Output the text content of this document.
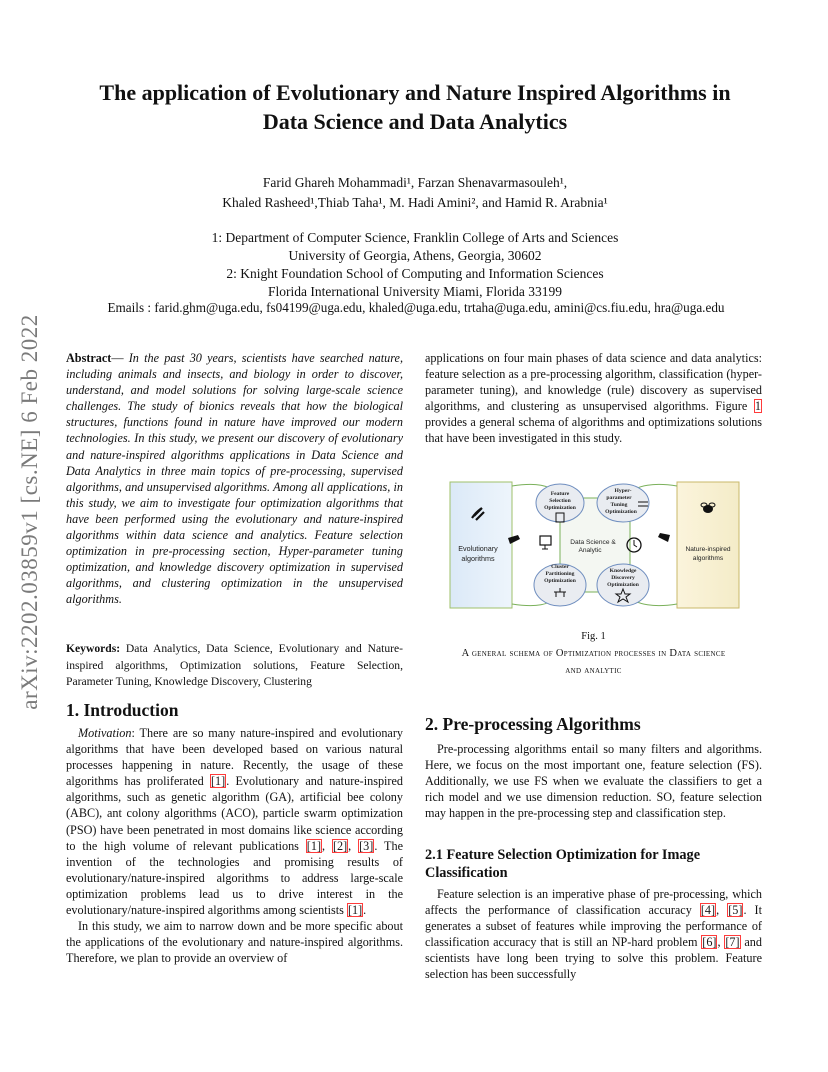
arXiv:2202.03859v1 [cs.NE] 6 Feb 2022
The application of Evolutionary and Nature Inspired Algorithms in
Data Science and Data Analytics
Farid Ghareh Mohammadi¹, Farzan Shenavarmasouleh¹,
Khaled Rasheed¹,Thiab Taha¹, M. Hadi Amini², and Hamid R. Arabnia¹
1: Department of Computer Science, Franklin College of Arts and Sciences
University of Georgia, Athens, Georgia, 30602
2: Knight Foundation School of Computing and Information Sciences
Florida International University Miami, Florida 33199
Emails : farid.ghm@uga.edu, fs04199@uga.edu, khaled@uga.edu, trtaha@uga.edu, amini@cs.fiu.edu, hra@uga.edu

Abstract— In the past 30 years, scientists have searched nature, including animals and insects, and biology in order to discover, understand, and model solutions for solving large-scale science challenges. The study of bionics reveals that how the biological structures, functions found in nature have improved our modern technologies. In this study, we present our discovery of evolutionary and nature-inspired algorithms applications in Data Science and Data Analytics in three main topics of pre-processing, supervised algorithms, and unsupervised algorithms. Among all applications, in this study, we aim to investigate four optimization algorithms that have been performed using the evolutionary and nature-inspired algorithms within data science and analytics. Feature selection optimization in pre-processing section, Hyper-parameter tuning optimization, and knowledge discovery optimization in supervised algorithms, and clustering optimization in the unsupervised algorithms.

Keywords: Data Analytics, Data Science, Evolutionary and Nature-inspired algorithms, Optimization solutions, Feature Selection, Parameter Tuning, Knowledge Discovery, Clustering

1. Introduction

Motivation: There are so many nature-inspired and evolutionary algorithms that have been developed based on various natural processes happening in nature. Recently, the usage of these algorithms has proliferated [1]. Evolutionary and nature-inspired algorithms, such as genetic algorithm (GA), artificial bee colony (ABC), ant colony algorithms (ACO), particle swarm optimization (PSO) have been penetrated in most domains like science according to the high volume of relevant publications [1], [2], [3]. The invention of the technologies and promising results of evolutionary/nature-inspired algorithms to address large-scale optimization problems lead us to drive interest in the evolutionary/nature-inspired algorithms among scientists [1].

In this study, we aim to narrow down and be more specific about the applications of the evolutionary and nature-inspired algorithms. Therefore, we plan to provide an overview of

applications on four main phases of data science and data analytics: feature selection as a pre-processing algorithm, classification (hyper-parameter tuning), and knowledge (rule) discovery as supervised algorithms, and clustering as unsupervised algorithms. Figure 1 provides a general schema of algorithms and optimizations solutions that have been investigated in this study.

Feature
Selection
Optimization
Hyper-
parameter
Tuning
Optimization
Cluster
Partitioning
Optimization
Knowledge
Discovery
Optimization
Evolutionary
algorithms
Nature-inspired
algorithms
Data Science &
Analytic
Fig. 1
A general schema of Optimization processes in Data science
and analytic
2. Pre-processing Algorithms

Pre-processing algorithms entail so many filters and algorithms. Here, we focus on the most important one, feature selection (FS). Additionally, we use FS when we evaluate the classifiers to get a rich model and we use dimension reduction. SO, feature selection may happen in the pre-processing step and classification step.

2.1 Feature Selection Optimization for Image Classification

Feature selection is an imperative phase of pre-processing, which affects the performance of classification accuracy [4], [5]. It generates a subset of features while improving the performance of classification accuracy that is still an NP-hard problem [6], [7] and scientists have long been trying to solve this problem. Feature selection has been successfully
